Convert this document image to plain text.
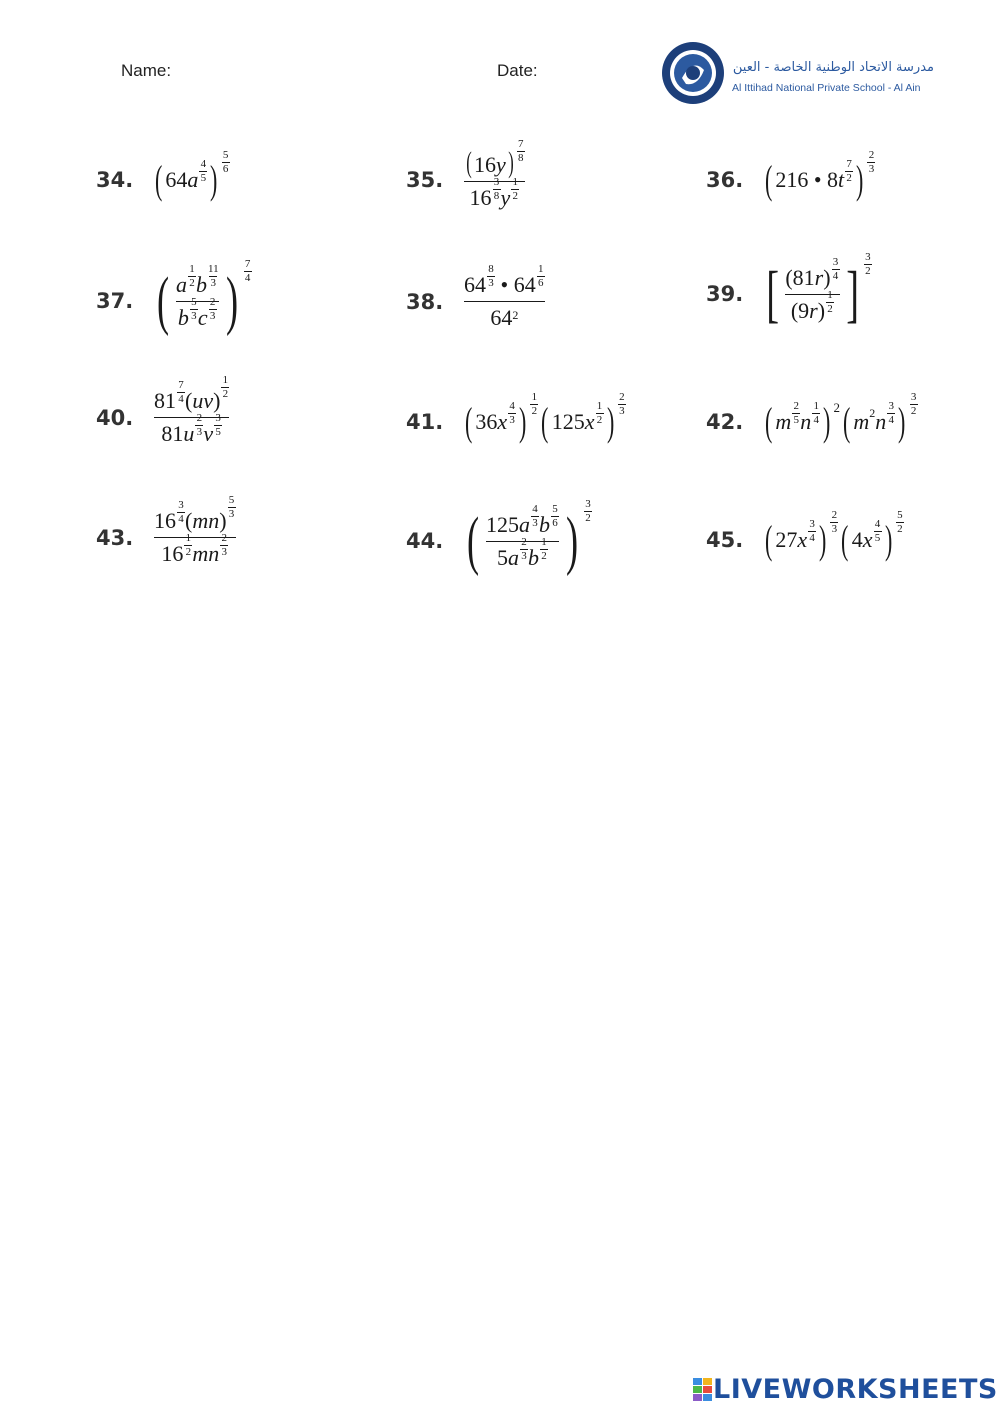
Name:	Date:	مدرسة الاتحاد الوطنية الخاصة - العين
Al Ittihad National Private School - Al Ain
34. ( 64 a
4
5 )
5
6	35. ( 16 y )
7
8
16
3
8 y
1
2	36. ( 216 • 8 t
7
2 )
2
3
37. ( a
1
2 b
11
3
b
5
3 c
2
3 )
7
4
38. 64
8
3 • 64
1
6
64 2	39. [ (81 r )
3
4
(9 r )
1
2 ]
3
2
40. 81
7
4 ( uv )
1
2
81 u
2
3 v
3
5	41. ( 36 x
4
3 )
1
2 ( 125 x
1
2 )
2
3	42. ( m
2
5 n
1
4 ) 2 ( m 2 n
3
4 )
3
2
43. 16
3
4 ( mn )
5
3
16
1
2 mn
2
3	44. ( 125 a
4
3 b
5
6
5 a
2
3 b
1
2 )
3
2
45. ( 27 x
3
4 )
2
3 ( 4 x
4
5 )
5
2
LIVEWORKSHEETS
